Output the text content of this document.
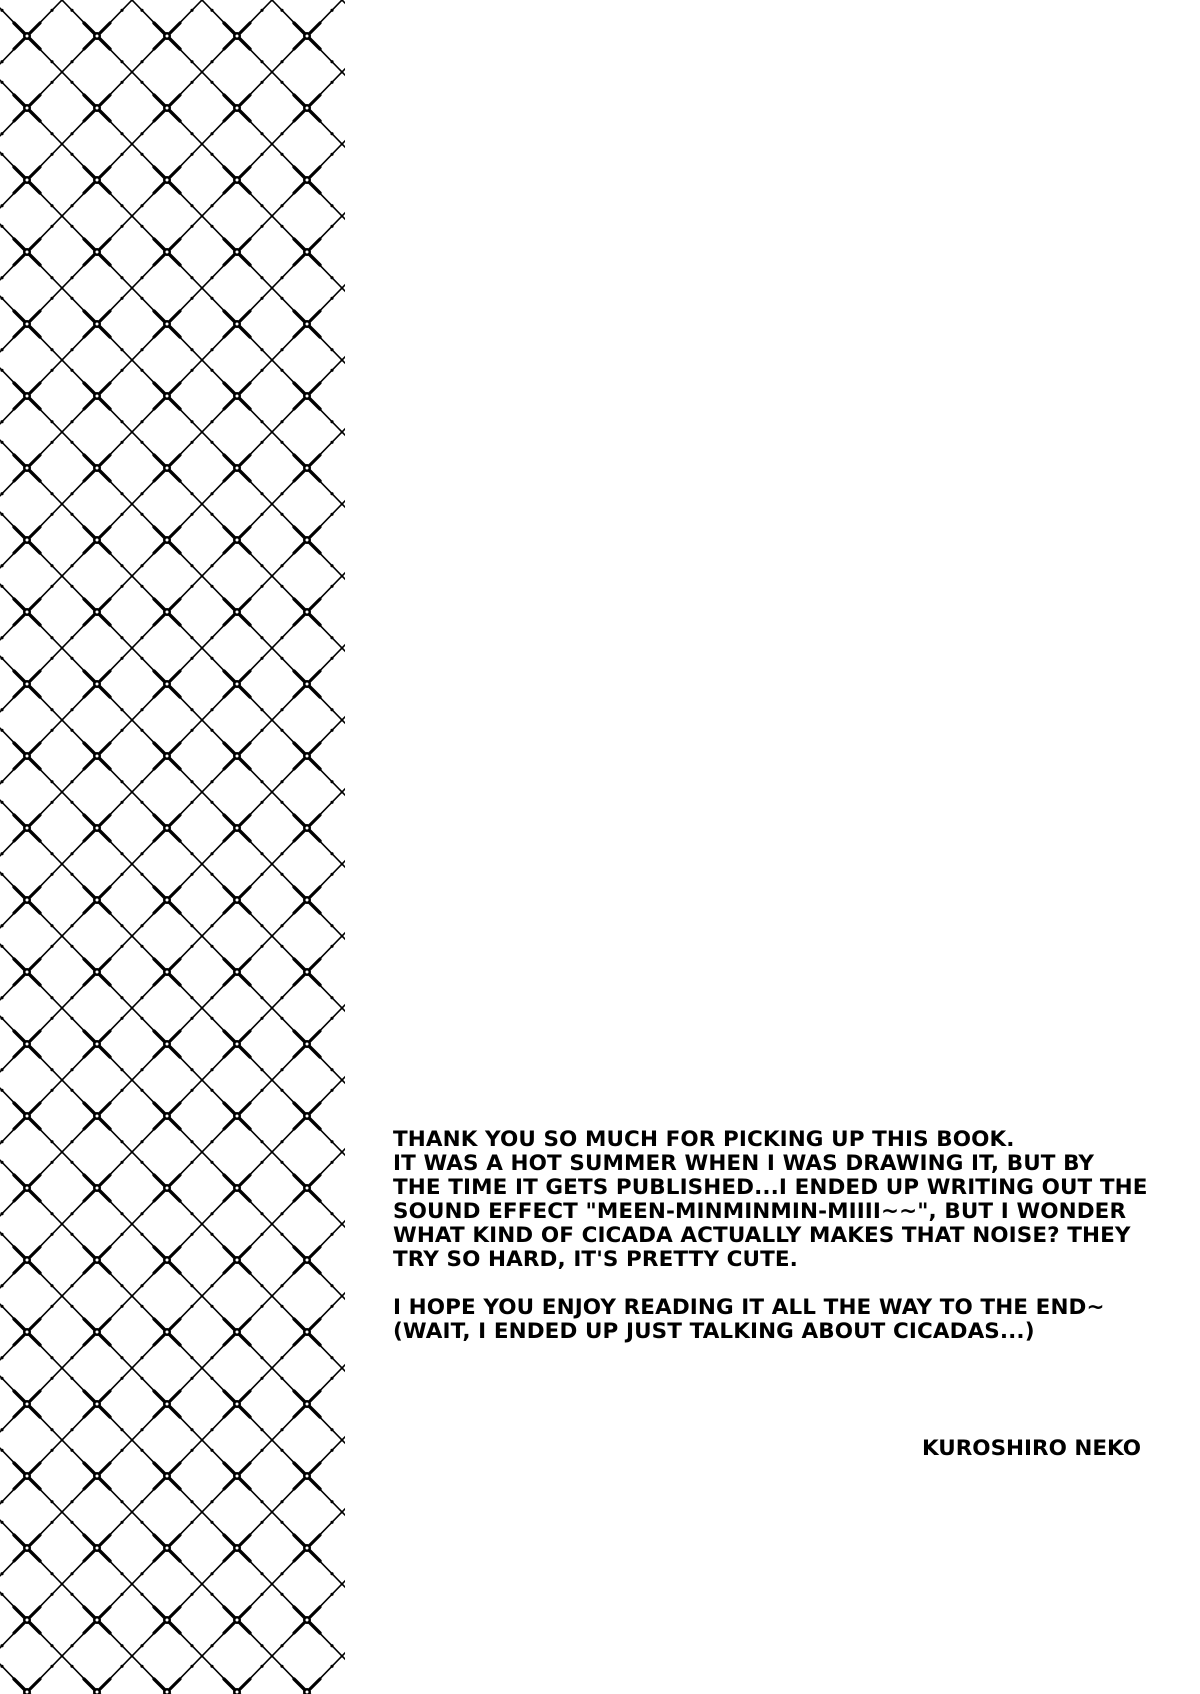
THANK YOU SO MUCH FOR PICKING UP THIS BOOK.
IT WAS A HOT SUMMER WHEN I WAS DRAWING IT, BUT BY
THE TIME IT GETS PUBLISHED...I ENDED UP WRITING OUT THE
SOUND EFFECT "MEEN-MINMINMIN-MIIII~~", BUT I WONDER
WHAT KIND OF CICADA ACTUALLY MAKES THAT NOISE? THEY
TRY SO HARD, IT'S PRETTY CUTE.

I HOPE YOU ENJOY READING IT ALL THE WAY TO THE END~
(WAIT, I ENDED UP JUST TALKING ABOUT CICADAS...)

KUROSHIRO NEKO
